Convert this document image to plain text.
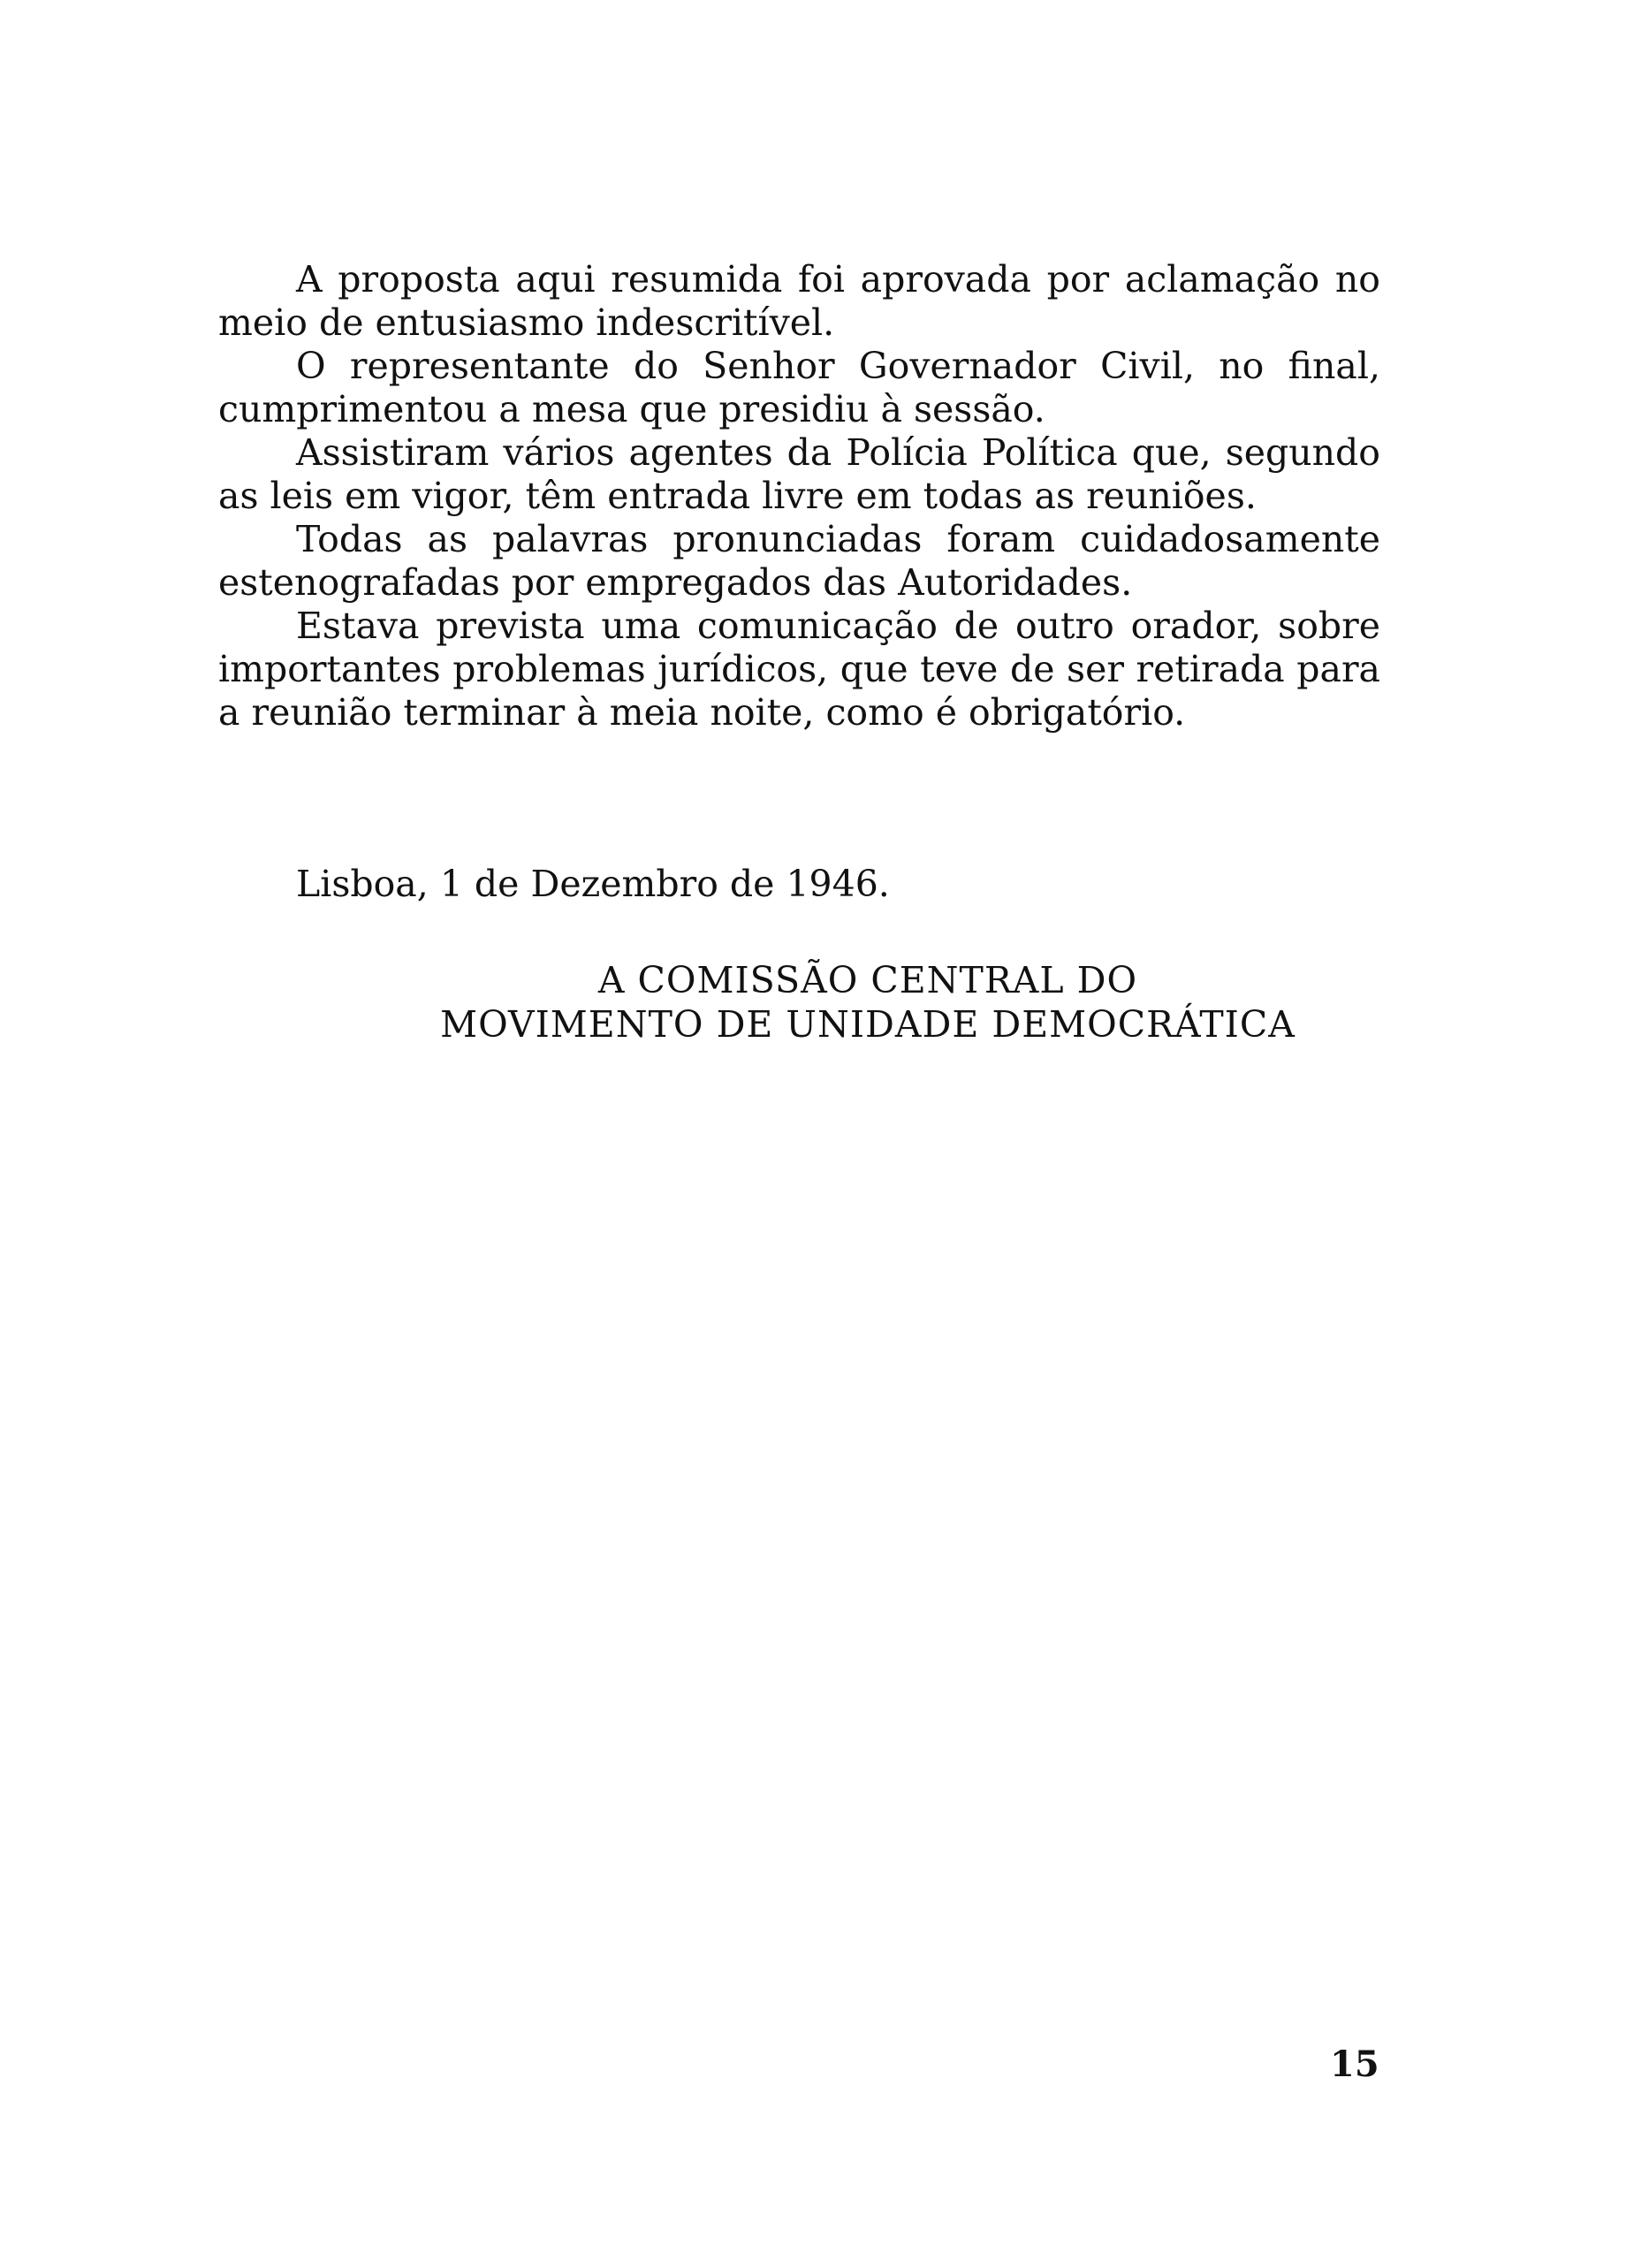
A proposta aqui resumida foi aprovada por aclamação no meio de entusiasmo indescritível.

O representante do Senhor Governador Civil, no final, cumprimentou a mesa que presidiu à sessão.

Assistiram vários agentes da Polícia Política que, segundo as leis em vigor, têm entrada livre em todas as reuniões.

Todas as palavras pronunciadas foram cuidadosamente estenografadas por empregados das Autoridades.

Estava prevista uma comunicação de outro orador, sobre importantes problemas jurídicos, que teve de ser retirada para a reunião terminar à meia noite, como é obrigatório.

Lisboa, 1 de Dezembro de 1946.

A COMISSÃO CENTRAL DO
MOVIMENTO DE UNIDADE DEMOCRÁTICA
15
